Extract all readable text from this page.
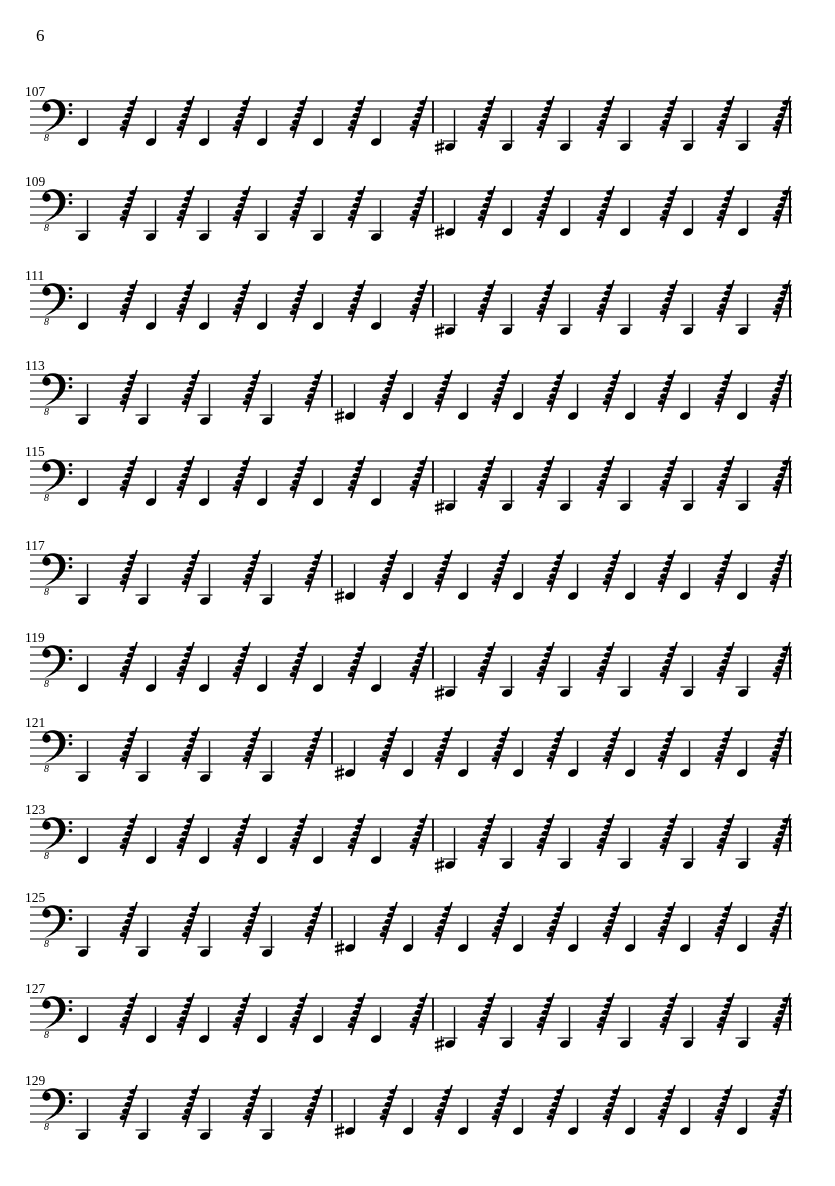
6
107
8
109
8
111
8
113
8
115
8
117
8
119
8
121
8
123
8
125
8
127
8
129
8
